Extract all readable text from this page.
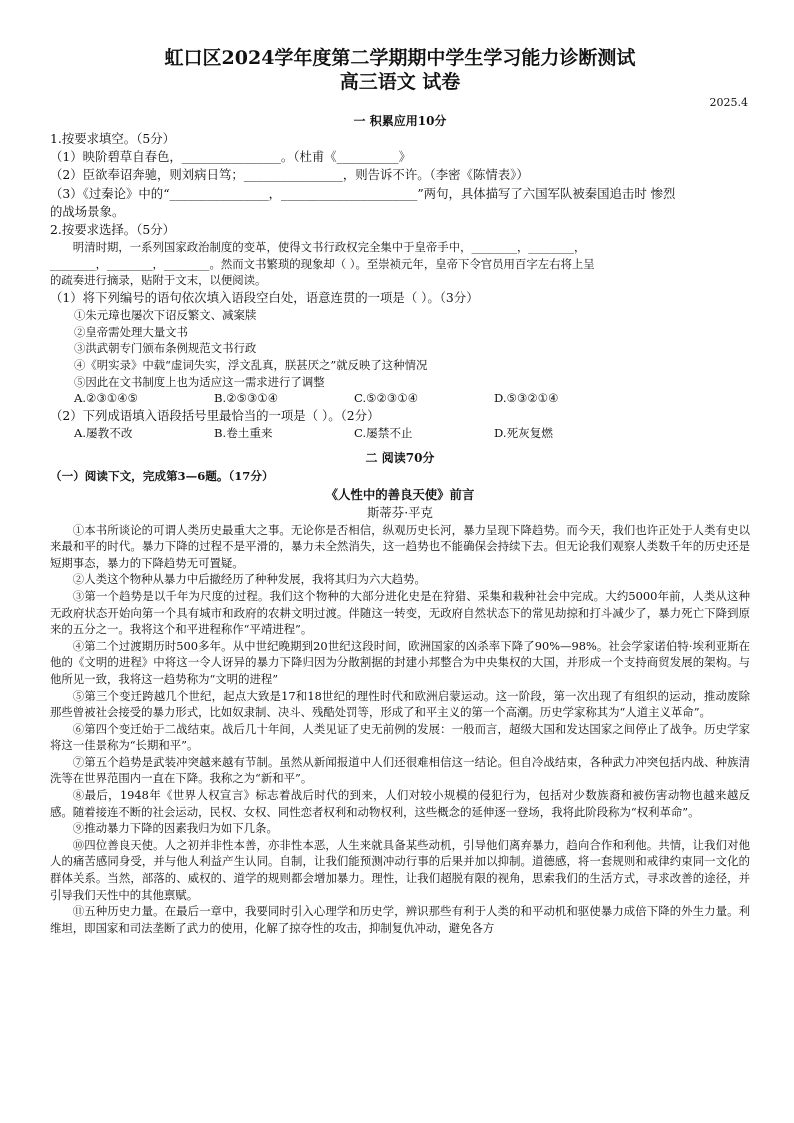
虹口区2024学年度第二学期期中学生学习能力诊断测试

高三语文 试卷

2025.4
一 积累应用10分

1.按要求填空。（5分）

（1）映阶碧草自春色，________________。（杜甫《__________》

（2）臣欲奉诏奔驰，则刘病日笃；________________，则告诉不许。（李密《陈情表》）

（3）《过秦论》中的“________________，______________________”两句，具体描写了六国军队被秦国追击时 惨烈

的战场景象。

2.按要求选择。（5分）

明清时期，一系列国家政治制度的变革，使得文书行政权完全集中于皇帝手中，________，________，

________，________，________。然而文书繁琐的现象却（ ）。至崇祯元年，皇帝下令官员用百字左右将上呈

的疏奏进行摘录，贴附于文末，以便阅读。

（1）将下列编号的语句依次填入语段空白处，语意连贯的一项是（ ）。（3分）

①朱元璋也屡次下诏反繁文、减案牍

②皇帝需处理大量文书

③洪武朝专门颁布条例规范文书行政

④《明实录》中载“虚词失实，浮文乱真，朕甚厌之”就反映了这种情况

⑤因此在文书制度上也为适应这一需求进行了调整

A.②③①④⑤	B.②⑤③①④	C.⑤②③①④	D.⑤③②①④

（2）下列成语填入语段括号里最恰当的一项是（ ）。（2分）

A.屡教不改	B.卷土重来	C.屡禁不止	D.死灰复燃
二 阅读70分

（一）阅读下文，完成第3—6题。（17分）

《人性中的善良天使》前言
斯蒂芬·平克

①本书所谈论的可谓人类历史最重大之事。无论你是否相信，纵观历史长河，暴力呈现下降趋势。而今天，我们也许正处于人类有史以来最和平的时代。暴力下降的过程不是平滑的，暴力未全然消失，这一趋势也不能确保会持续下去。但无论我们观察人类数千年的历史还是短期事态，暴力的下降趋势无可置疑。

②人类这个物种从暴力中后撤经历了种种发展，我将其归为六大趋势。

③第一个趋势是以千年为尺度的过程。我们这个物种的大部分进化史是在狩猎、采集和栽种社会中完成。大约5000年前，人类从这种无政府状态开始向第一个具有城市和政府的农耕文明过渡。伴随这一转变，无政府自然状态下的常见劫掠和打斗减少了，暴力死亡下降到原来的五分之一。我将这个和平进程称作“平靖进程”。

④第二个过渡期历时500多年。从中世纪晚期到20世纪这段时间，欧洲国家的凶杀率下降了90%—98%。社会学家诺伯特·埃利亚斯在他的《文明的进程》中将这一令人讶异的暴力下降归因为分散割据的封建小邦整合为中央集权的大国，并形成一个支持商贸发展的架构。与他所见一致，我将这一趋势称为“文明的进程”

⑤第三个变迁跨越几个世纪，起点大致是17和18世纪的理性时代和欧洲启蒙运动。这一阶段，第一次出现了有组织的运动，推动废除那些曾被社会接受的暴力形式，比如奴隶制、决斗、残酷处罚等，形成了和平主义的第一个高潮。历史学家称其为“人道主义革命”。

⑥第四个变迁始于二战结束。战后几十年间，人类见证了史无前例的发展：一般而言，超级大国和发达国家之间停止了战争。历史学家将这一佳景称为“长期和平”。

⑦第五个趋势是武装冲突越来越有节制。虽然从新闻报道中人们还很难相信这一结论。但自冷战结束，各种武力冲突包括内战、种族清洗等在世界范围内一直在下降。我称之为“新和平”。

⑧最后，1948年《世界人权宣言》标志着战后时代的到来，人们对较小规模的侵犯行为，包括对少数族裔和被伤害动物也越来越反感。随着接连不断的社会运动，民权、女权、同性恋者权利和动物权利，这些概念的延伸逐一登场，我将此阶段称为“权利革命”。

⑨推动暴力下降的因素我归为如下几条。

⑩四位善良天使。人之初并非性本善，亦非性本恶，人生来就具备某些动机，引导他们离弃暴力，趋向合作和利他。共情，让我们对他人的痛苦感同身受，并与他人利益产生认同。自制，让我们能预测冲动行事的后果并加以抑制。道德感，将一套规则和戒律约束同一文化的群体关系。当然，部落的、威权的、道学的规则都会增加暴力。理性，让我们超脱有限的视角，思索我们的生活方式，寻求改善的途径，并引导我们天性中的其他禀赋。

⑪五种历史力量。在最后一章中，我要同时引入心理学和历史学，辨识那些有利于人类的和平动机和驱使暴力成倍下降的外生力量。利维坦，即国家和司法垄断了武力的使用，化解了掠夺性的攻击，抑制复仇冲动，避免各方
